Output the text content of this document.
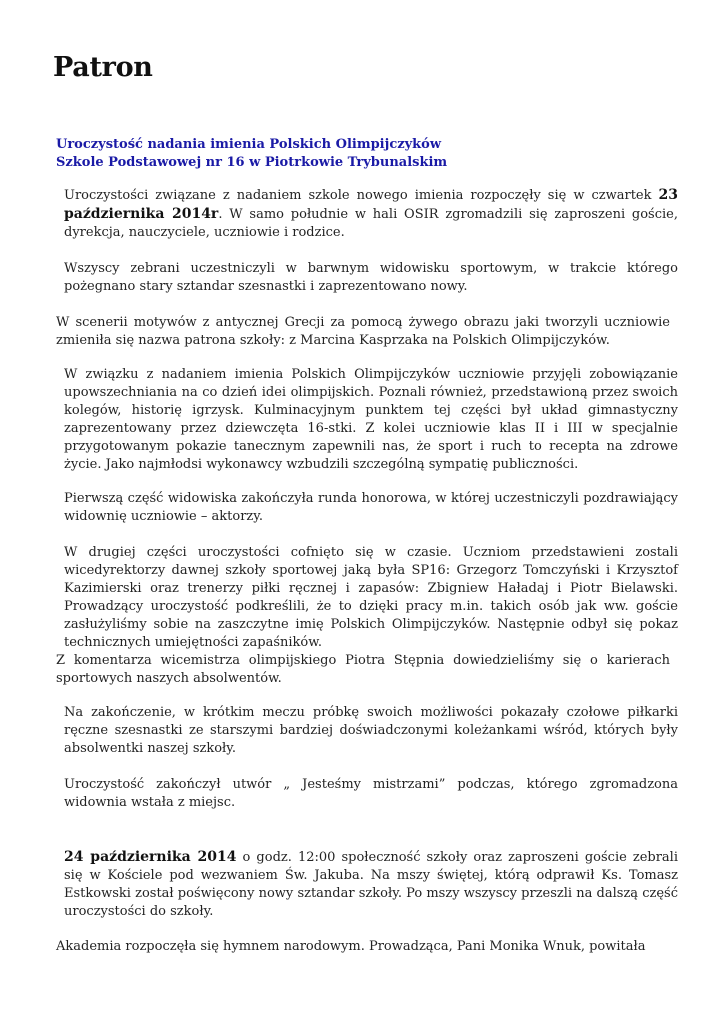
Patron
Uroczystość nadania imienia Polskich Olimpijczyków
Szkole Podstawowej nr 16 w Piotrkowie Trybunalskim

Uroczystości związane z nadaniem szkole nowego imienia rozpoczęły się w czwartek 23 października 2014r. W samo południe w hali OSIR zgromadzili się zaproszeni goście, dyrekcja, nauczyciele, uczniowie i rodzice.

Wszyscy zebrani uczestniczyli w barwnym widowisku sportowym, w trakcie którego pożegnano stary sztandar szesnastki i zaprezentowano nowy.

W scenerii motywów z antycznej Grecji za pomocą żywego obrazu jaki tworzyli uczniowie zmieniła się nazwa patrona szkoły: z Marcina Kasprzaka na Polskich Olimpijczyków.

W związku z nadaniem imienia Polskich Olimpijczyków uczniowie przyjęli zobowiązanie upowszechniania na co dzień idei olimpijskich. Poznali również, przedstawioną przez swoich kolegów, historię igrzysk. Kulminacyjnym punktem tej części był układ gimnastyczny zaprezentowany przez dziewczęta 16-stki. Z kolei uczniowie klas II i III w specjalnie przygotowanym pokazie tanecznym zapewnili nas, że sport i ruch to recepta na zdrowe życie. Jako najmłodsi wykonawcy wzbudzili szczególną sympatię publiczności.

Pierwszą część widowiska zakończyła runda honorowa, w której uczestniczyli pozdrawiający widownię uczniowie – aktorzy.

W drugiej części uroczystości cofnięto się w czasie. Uczniom przedstawieni zostali wicedyrektorzy dawnej szkoły sportowej jaką była SP16: Grzegorz Tomczyński i Krzysztof Kazimierski oraz trenerzy piłki ręcznej i zapasów: Zbigniew Haładaj i Piotr Bielawski. Prowadzący uroczystość podkreślili, że to dzięki pracy m.in. takich osób jak ww. goście zasłużyliśmy sobie na zaszczytne imię Polskich Olimpijczyków. Następnie odbył się pokaz technicznych umiejętności zapaśników.

Z komentarza wicemistrza olimpijskiego Piotra Stępnia dowiedzieliśmy się o karierach sportowych naszych absolwentów.

Na zakończenie, w krótkim meczu próbkę swoich możliwości pokazały czołowe piłkarki ręczne szesnastki ze starszymi bardziej doświadczonymi koleżankami wśród, których były absolwentki naszej szkoły.

Uroczystość zakończył utwór „ Jesteśmy mistrzami” podczas, którego zgromadzona widownia wstała z miejsc.

24 października 2014 o godz. 12:00 społeczność szkoły oraz zaproszeni goście zebrali się w Kościele pod wezwaniem Św. Jakuba. Na mszy świętej, którą odprawił Ks. Tomasz Estkowski został poświęcony nowy sztandar szkoły. Po mszy wszyscy przeszli na dalszą część uroczystości do szkoły.

Akademia rozpoczęła się hymnem narodowym. Prowadząca, Pani Monika Wnuk, powitała
